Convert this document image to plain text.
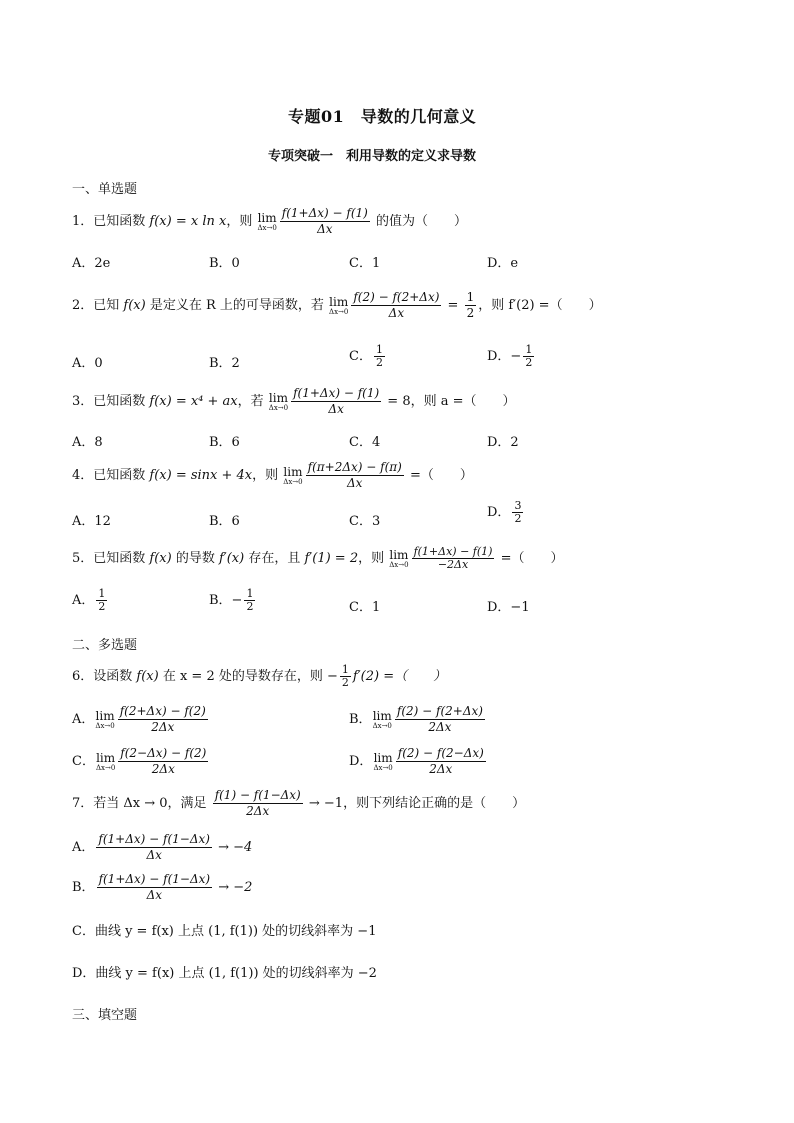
专题01　导数的几何意义
专项突破一　利用导数的定义求导数
一、单选题
1．已知函数 f(x) = x ln x，则 lim
$\Delta x\to 0 \frac{f(1+\Delta x) - f(1)}{\Delta x}$ 的值为（　　）
A．2e	B．0	C．1	D．e
2．已知 f(x) 是定义在 R 上的可导函数，若 lim
$\Delta x\to 0 \frac{f(2) - f(2+\Delta x)}{\Delta x} = \frac{1}{2}$ ，则 f′(2) =（　　）
A．0	B．2	C． $\frac{1}{2}$	D．− $\frac{1}{2}$
3．已知函数 f(x) = x⁴ + ax，若 lim
$\Delta x\to 0 \frac{f(1+\Delta x) - f(1)}{\Delta x} = 8$，则 a =（　　）
A．8	B．6	C．4	D．2
4．已知函数 f(x) = sinx + 4x，则 lim
$\Delta x\to 0 \frac{f(\pi+2\Delta x) - f(\pi)}{\Delta x}$ =（　　）
A．12	B．6	C．3
D． $\frac{3}{2}$
5．已知函数 f(x) 的导数 f′(x) 存在，且 f′(1) = 2，则 lim
$\Delta x\to 0 \frac{f(1+\Delta x) - f(1)}{-2\Delta x}$ =（　　）
A． $\frac{1}{2}$	B．− $\frac{1}{2}$	C．1	D．−1
二、多选题
6．设函数 f(x) 在 x = 2 处的导数存在，则 − $\frac{1}{2} f'(2)$ =（　　）
A． lim
$\Delta x\to 0 \frac{f(2+\Delta x) - f(2)}{2\Delta x}$	B． lim
$\Delta x\to 0 \frac{f(2) - f(2+\Delta x)}{2\Delta x}$
C． lim
$\Delta x\to 0 \frac{f(2-\Delta x) - f(2)}{2\Delta x}$	D． lim
$\Delta x\to 0 \frac{f(2) - f(2-\Delta x)}{2\Delta x}$
7．若当 Δx → 0，满足 $\frac{f(1) - f(1-\Delta x)}{2\Delta x} \to -1$，则下列结论正确的是（　　）
A． $\frac{f(1+\Delta x) - f(1-\Delta x)}{\Delta x} \to -4$
B． $\frac{f(1+\Delta x) - f(1-\Delta x)}{\Delta x} \to -2$
C．曲线 y = f(x) 上点 (1, f(1)) 处的切线斜率为 −1
D．曲线 y = f(x) 上点 (1, f(1)) 处的切线斜率为 −2
三、填空题
